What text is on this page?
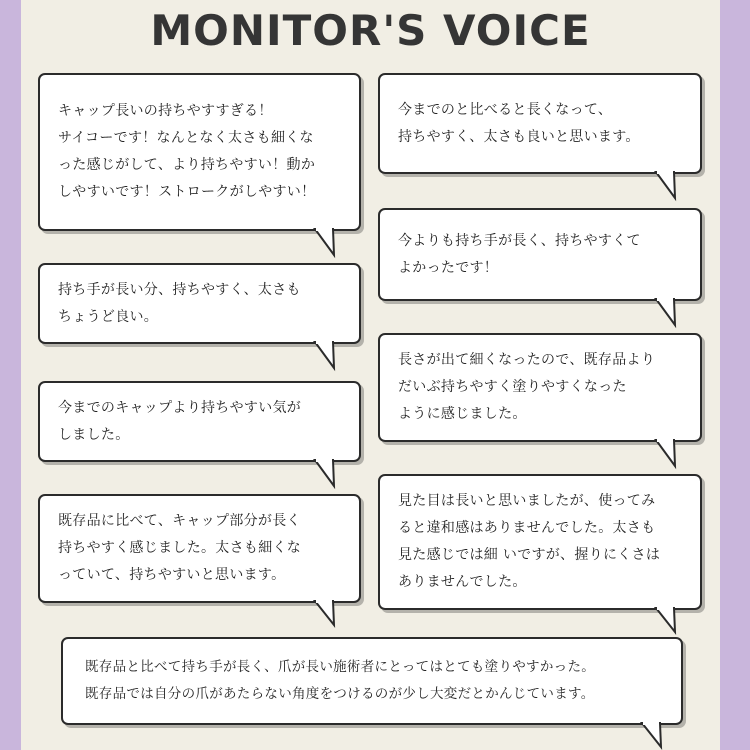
MONITOR'S VOICE
キャップ長いの持ちやすすぎる！
サイコーです！なんとなく太さも細くな
った感じがして、より持ちやすい！動か
しやすいです！ストロークがしやすい！
持ち手が長い分、持ちやすく、太さも
ちょうど良い。
今までのキャップより持ちやすい気が
しました。
既存品に比べて、キャップ部分が長く
持ちやすく感じました。太さも細くな
っていて、持ちやすいと思います。
今までのと比べると長くなって、
持ちやすく、太さも良いと思います。
今よりも持ち手が長く、持ちやすくて
よかったです！
長さが出て細くなったので、既存品より
だいぶ持ちやすく塗りやすくなった
ように感じました。
見た目は長いと思いましたが、使ってみ
ると違和感はありませんでした。太さも
見た感じでは細 いですが、握りにくさは
ありませんでした。
既存品と比べて持ち手が長く、爪が長い施術者にとってはとても塗りやすかった。
既存品では自分の爪があたらない角度をつけるのが少し大変だとかんじています。
